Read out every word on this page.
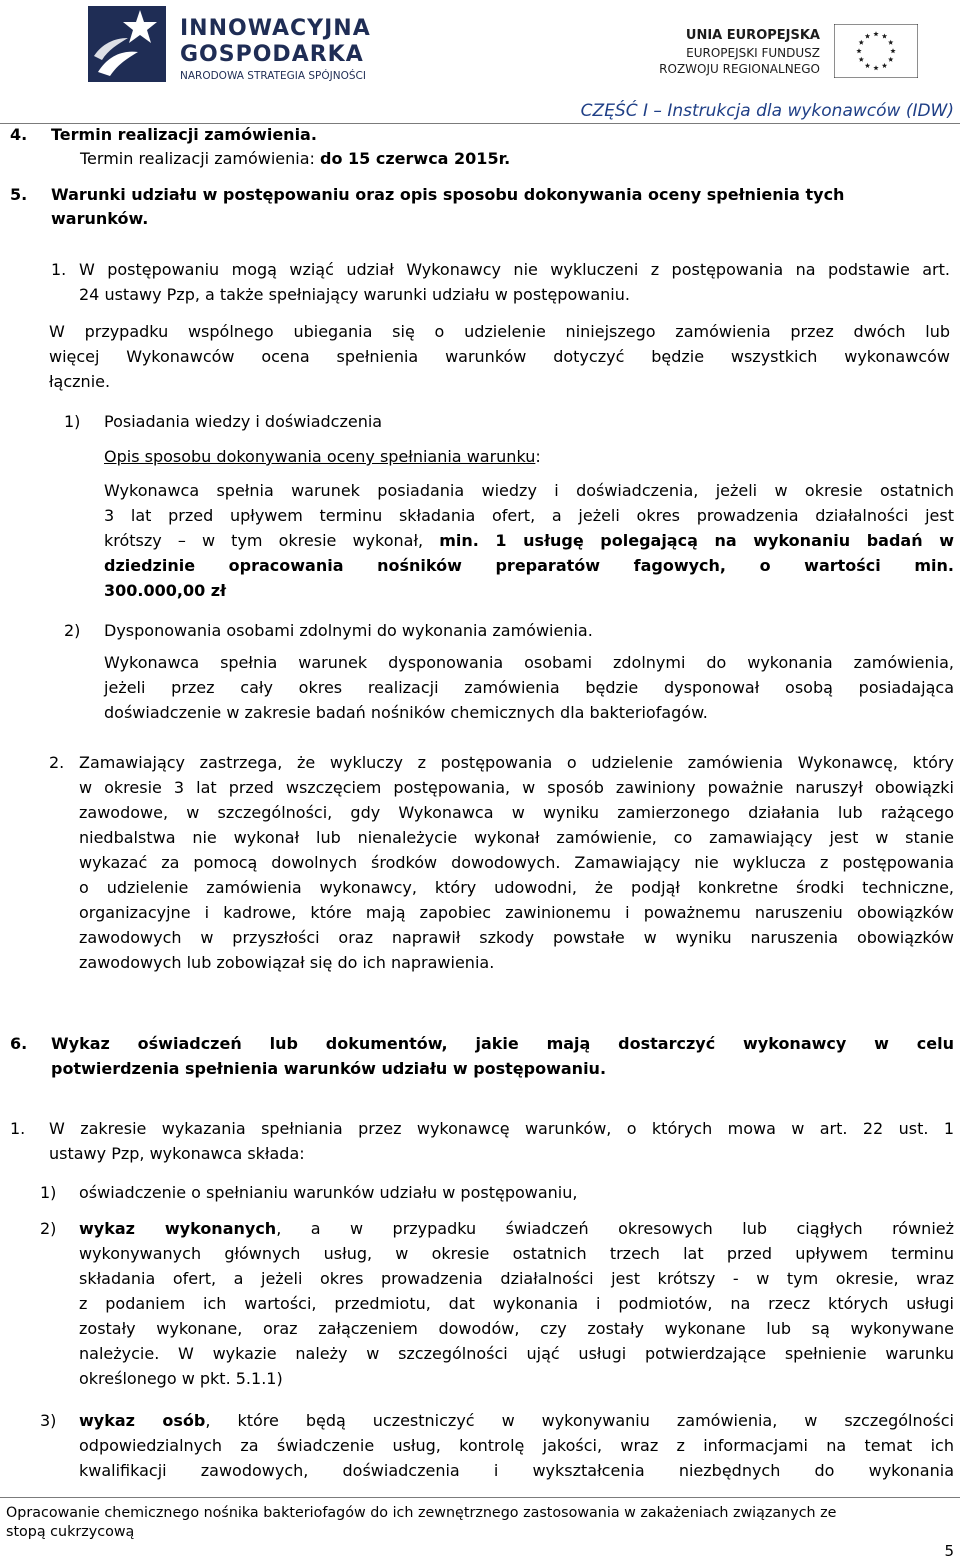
INNOWACYJNA
GOSPODARKA
NARODOWA STRATEGIA SPÓJNOŚCI
UNIA EUROPEJSKA
EUROPEJSKI FUNDUSZ
ROZWOJU REGIONALNEGO
CZĘŚĆ I – Instrukcja dla wykonawców (IDW)
4. Termin realizacji zamówienia.
Termin realizacji zamówienia: do 15 czerwca 2015r.
5. Warunki udziału w postępowaniu oraz opis sposobu dokonywania oceny spełnienia tych
warunków.
1. W postępowaniu mogą wziąć udział Wykonawcy nie wykluczeni z postępowania na podstawie art.
24 ustawy Pzp, a także spełniający warunki udziału w postępowaniu.
W przypadku wspólnego ubiegania się o udzielenie niniejszego zamówienia przez dwóch lub
więcej Wykonawców ocena spełnienia warunków dotyczyć będzie wszystkich wykonawców
łącznie.
1) Posiadania wiedzy i doświadczenia
Opis sposobu dokonywania oceny spełniania warunku:
Wykonawca spełnia warunek posiadania wiedzy i doświadczenia, jeżeli w okresie ostatnich
3 lat przed upływem terminu składania ofert, a jeżeli okres prowadzenia działalności jest
krótszy – w tym okresie wykonał, min. 1 usługę polegającą na wykonaniu badań w
dziedzinie opracowania nośników preparatów fagowych, o wartości min.
300.000,00 zł
2) Dysponowania osobami zdolnymi do wykonania zamówienia.
Wykonawca spełnia warunek dysponowania osobami zdolnymi do wykonania zamówienia,
jeżeli przez cały okres realizacji zamówienia będzie dysponował osobą posiadająca
doświadczenie w zakresie badań nośników chemicznych dla bakteriofagów.
2. Zamawiający zastrzega, że wykluczy z postępowania o udzielenie zamówienia Wykonawcę, który
w okresie 3 lat przed wszczęciem postępowania, w sposób zawiniony poważnie naruszył obowiązki
zawodowe, w szczególności, gdy Wykonawca w wyniku zamierzonego działania lub rażącego
niedbalstwa nie wykonał lub nienależycie wykonał zamówienie, co zamawiający jest w stanie
wykazać za pomocą dowolnych środków dowodowych. Zamawiający nie wyklucza z postępowania
o udzielenie zamówienia wykonawcy, który udowodni, że podjął konkretne środki techniczne,
organizacyjne i kadrowe, które mają zapobiec zawinionemu i poważnemu naruszeniu obowiązków
zawodowych w przyszłości oraz naprawił szkody powstałe w wyniku naruszenia obowiązków
zawodowych lub zobowiązał się do ich naprawienia.
6. Wykaz oświadczeń lub dokumentów, jakie mają dostarczyć wykonawcy w celu
potwierdzenia spełnienia warunków udziału w postępowaniu.
1. W zakresie wykazania spełniania przez wykonawcę warunków, o których mowa w art. 22 ust. 1
ustawy Pzp, wykonawca składa:
1) oświadczenie o spełnianiu warunków udziału w postępowaniu,
2) wykaz wykonanych, a w przypadku świadczeń okresowych lub ciągłych również
wykonywanych głównych usług, w okresie ostatnich trzech lat przed upływem terminu
składania ofert, a jeżeli okres prowadzenia działalności jest krótszy - w tym okresie, wraz
z podaniem ich wartości, przedmiotu, dat wykonania i podmiotów, na rzecz których usługi
zostały wykonane, oraz załączeniem dowodów, czy zostały wykonane lub są wykonywane
należycie. W wykazie należy w szczególności ująć usługi potwierdzające spełnienie warunku
określonego w pkt. 5.1.1)
3) wykaz osób, które będą uczestniczyć w wykonywaniu zamówienia, w szczególności
odpowiedzialnych za świadczenie usług, kontrolę jakości, wraz z informacjami na temat ich
kwalifikacji zawodowych, doświadczenia i wykształcenia niezbędnych do wykonania
Opracowanie chemicznego nośnika bakteriofagów do ich zewnętrznego zastosowania w zakażeniach związanych ze
stopą cukrzycową
5
